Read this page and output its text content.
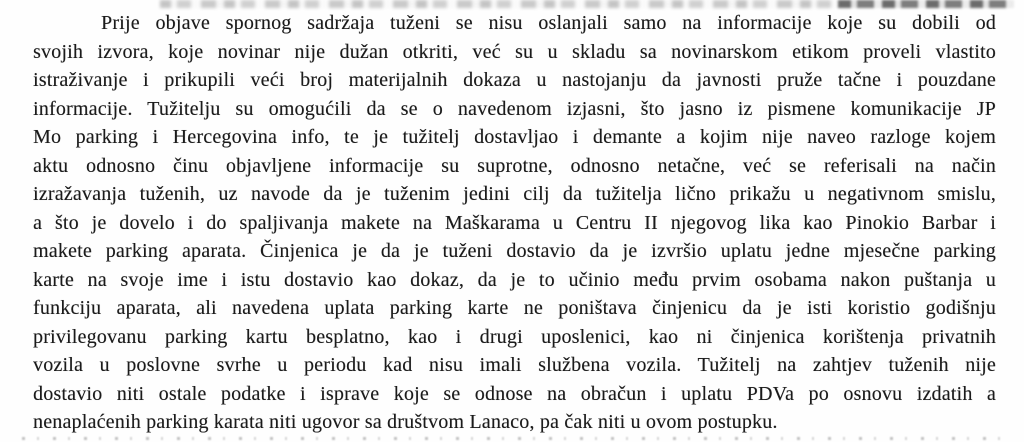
Prije objave spornog sadržaja tuženi se nisu oslanjali samo na informacije koje su dobili od
svojih izvora, koje novinar nije dužan otkriti, već su u skladu sa novinarskom etikom proveli vlastito
istraživanje i prikupili veći broj materijalnih dokaza u nastojanju da javnosti pruže tačne i pouzdane
informacije. Tužitelju su omogućili da se o navedenom izjasni, što jasno iz pismene komunikacije JP
Mo parking i Hercegovina info, te je tužitelj dostavljao i demante a kojim nije naveo razloge kojem
aktu odnosno činu objavljene informacije su suprotne, odnosno netačne, već se referisali na način
izražavanja tuženih, uz navode da je tuženim jedini cilj da tužitelja lično prikažu u negativnom smislu,
a što je dovelo i do spaljivanja makete na Maškarama u Centru II njegovog lika kao Pinokio Barbar i
makete parking aparata. Činjenica je da je tuženi dostavio da je izvršio uplatu jedne mjesečne parking
karte na svoje ime i istu dostavio kao dokaz, da je to učinio među prvim osobama nakon puštanja u
funkciju aparata, ali navedena uplata parking karte ne poništava činjenicu da je isti koristio godišnju
privilegovanu parking kartu besplatno, kao i drugi uposlenici, kao ni činjenica korištenja privatnih
vozila u poslovne svrhe u periodu kad nisu imali službena vozila. Tužitelj na zahtjev tuženih nije
dostavio niti ostale podatke i isprave koje se odnose na obračun i uplatu PDVa po osnovu izdatih a
nenaplaćenih parking karata niti ugovor sa društvom Lanaco, pa čak niti u ovom postupku.
